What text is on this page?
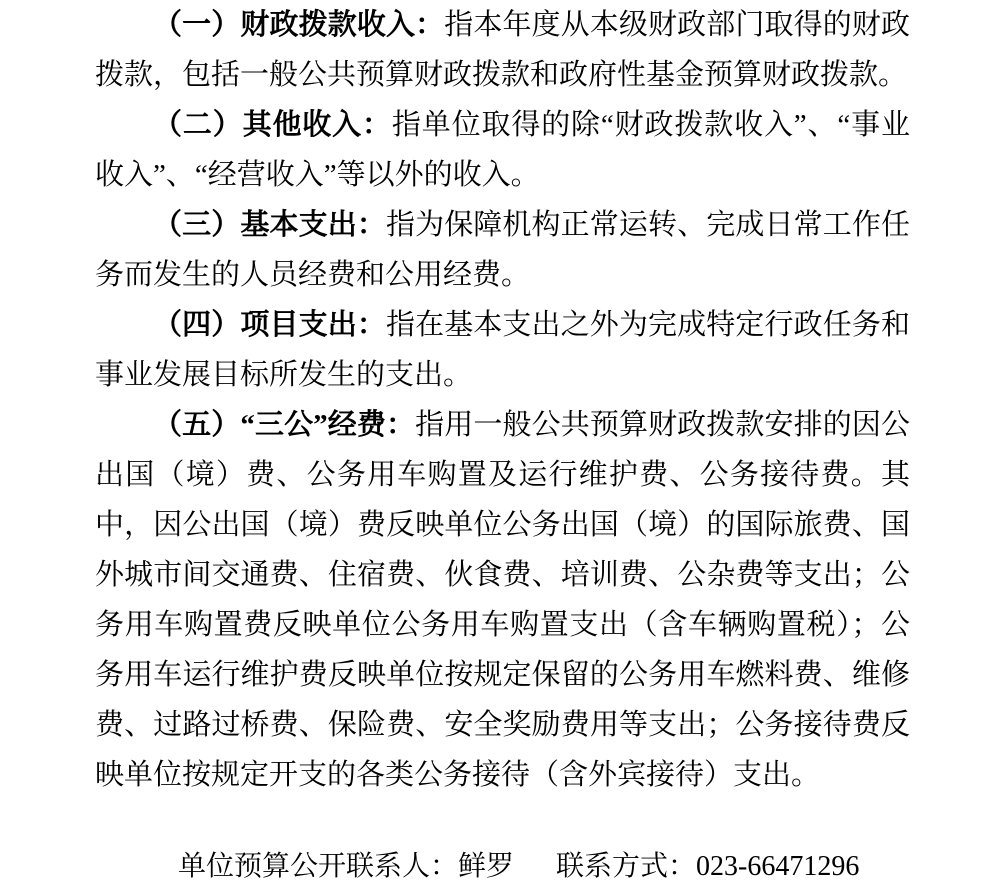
（一）财政拨款收入：指本年度从本级财政部门取得的财政拨款，包括一般公共预算财政拨款和政府性基金预算财政拨款。

（二）其他收入：指单位取得的除“财政拨款收入”、“事业收入”、“经营收入”等以外的收入。

（三）基本支出：指为保障机构正常运转、完成日常工作任务而发生的人员经费和公用经费。

（四）项目支出：指在基本支出之外为完成特定行政任务和事业发展目标所发生的支出。

（五）“三公”经费：指用一般公共预算财政拨款安排的因公出国（境）费、公务用车购置及运行维护费、公务接待费。其中，因公出国（境）费反映单位公务出国（境）的国际旅费、国外城市间交通费、住宿费、伙食费、培训费、公杂费等支出；公务用车购置费反映单位公务用车购置支出（含车辆购置税）；公务用车运行维护费反映单位按规定保留的公务用车燃料费、维修费、过路过桥费、保险费、安全奖励费用等支出；公务接待费反映单位按规定开支的各类公务接待（含外宾接待）支出。

单位预算公开联系人：鲜罗 联系方式：023-66471296
